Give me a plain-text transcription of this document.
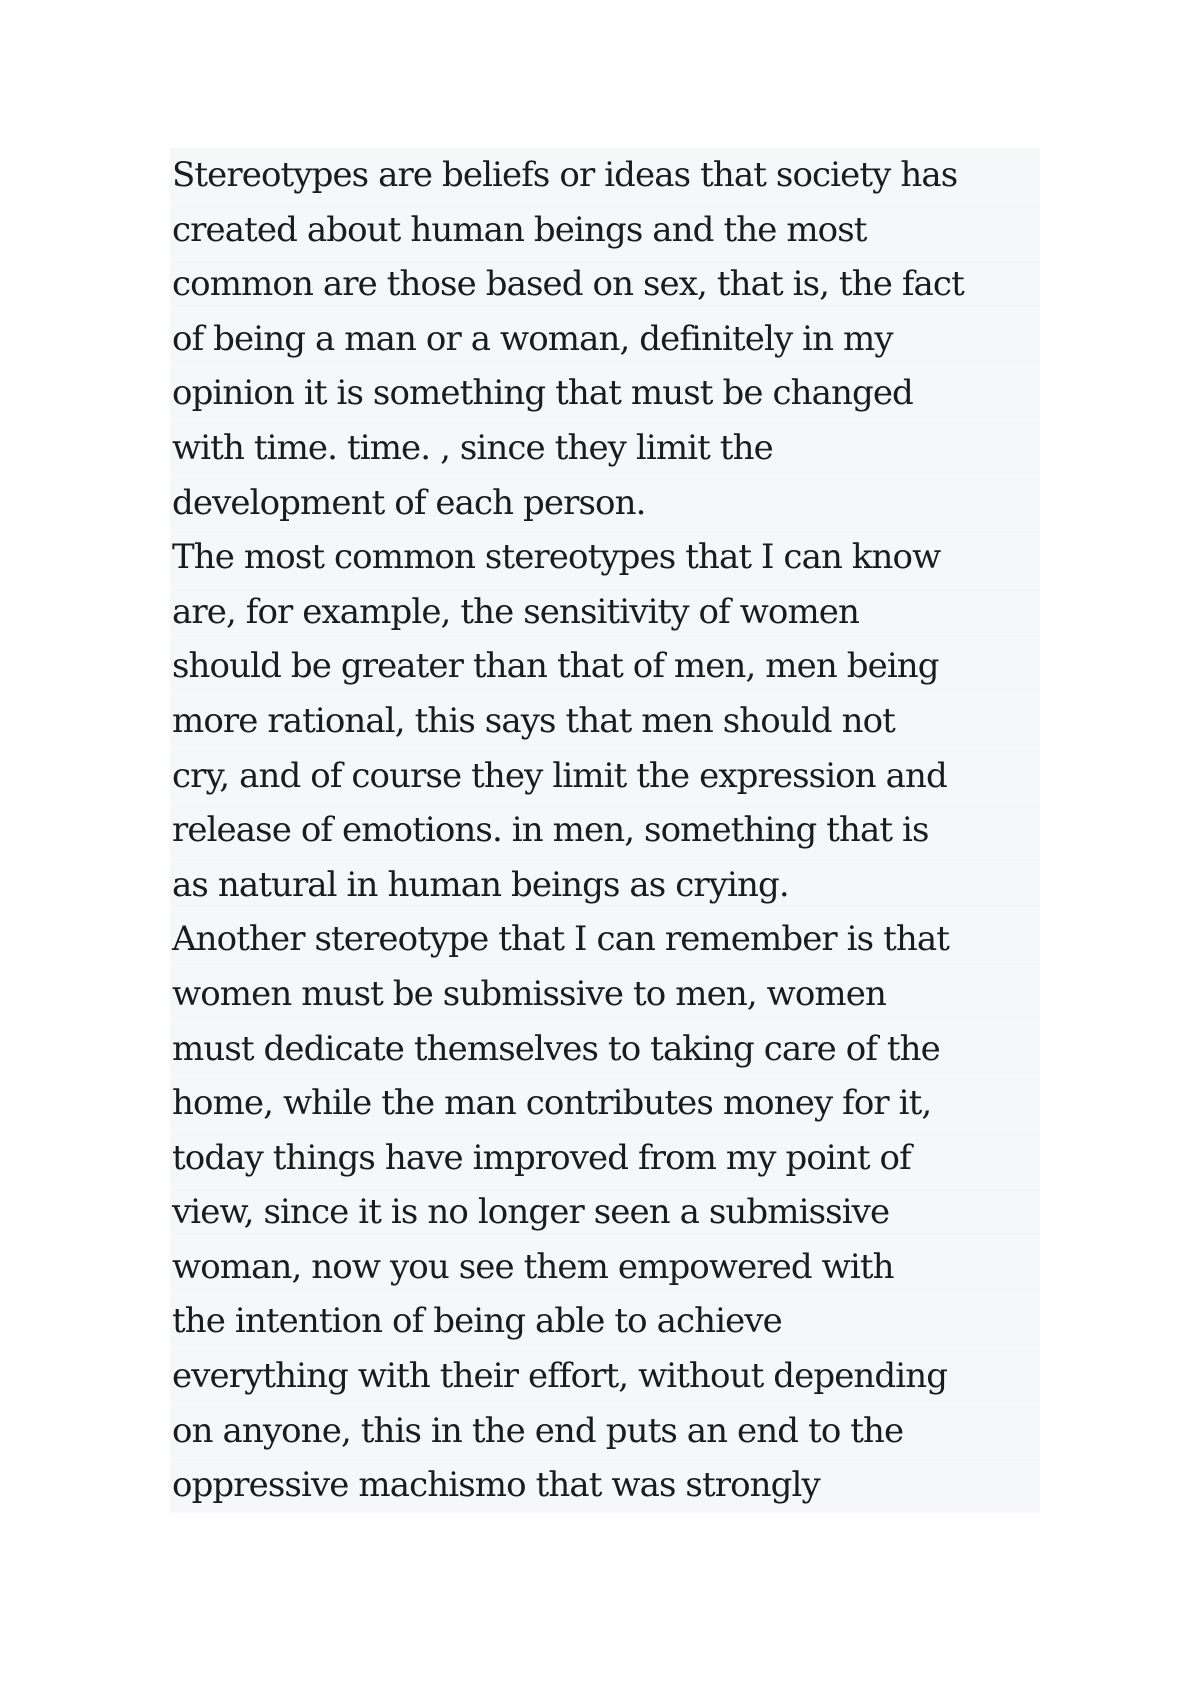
Stereotypes are beliefs or ideas that society has
created about human beings and the most
common are those based on sex, that is, the fact
of being a man or a woman, definitely in my
opinion it is something that must be changed
with time. time. , since they limit the
development of each person.
The most common stereotypes that I can know
are, for example, the sensitivity of women
should be greater than that of men, men being
more rational, this says that men should not
cry, and of course they limit the expression and
release of emotions. in men, something that is
as natural in human beings as crying.
Another stereotype that I can remember is that
women must be submissive to men, women
must dedicate themselves to taking care of the
home, while the man contributes money for it,
today things have improved from my point of
view, since it is no longer seen a submissive
woman, now you see them empowered with
the intention of being able to achieve
everything with their effort, without depending
on anyone, this in the end puts an end to the
oppressive machismo that was strongly
